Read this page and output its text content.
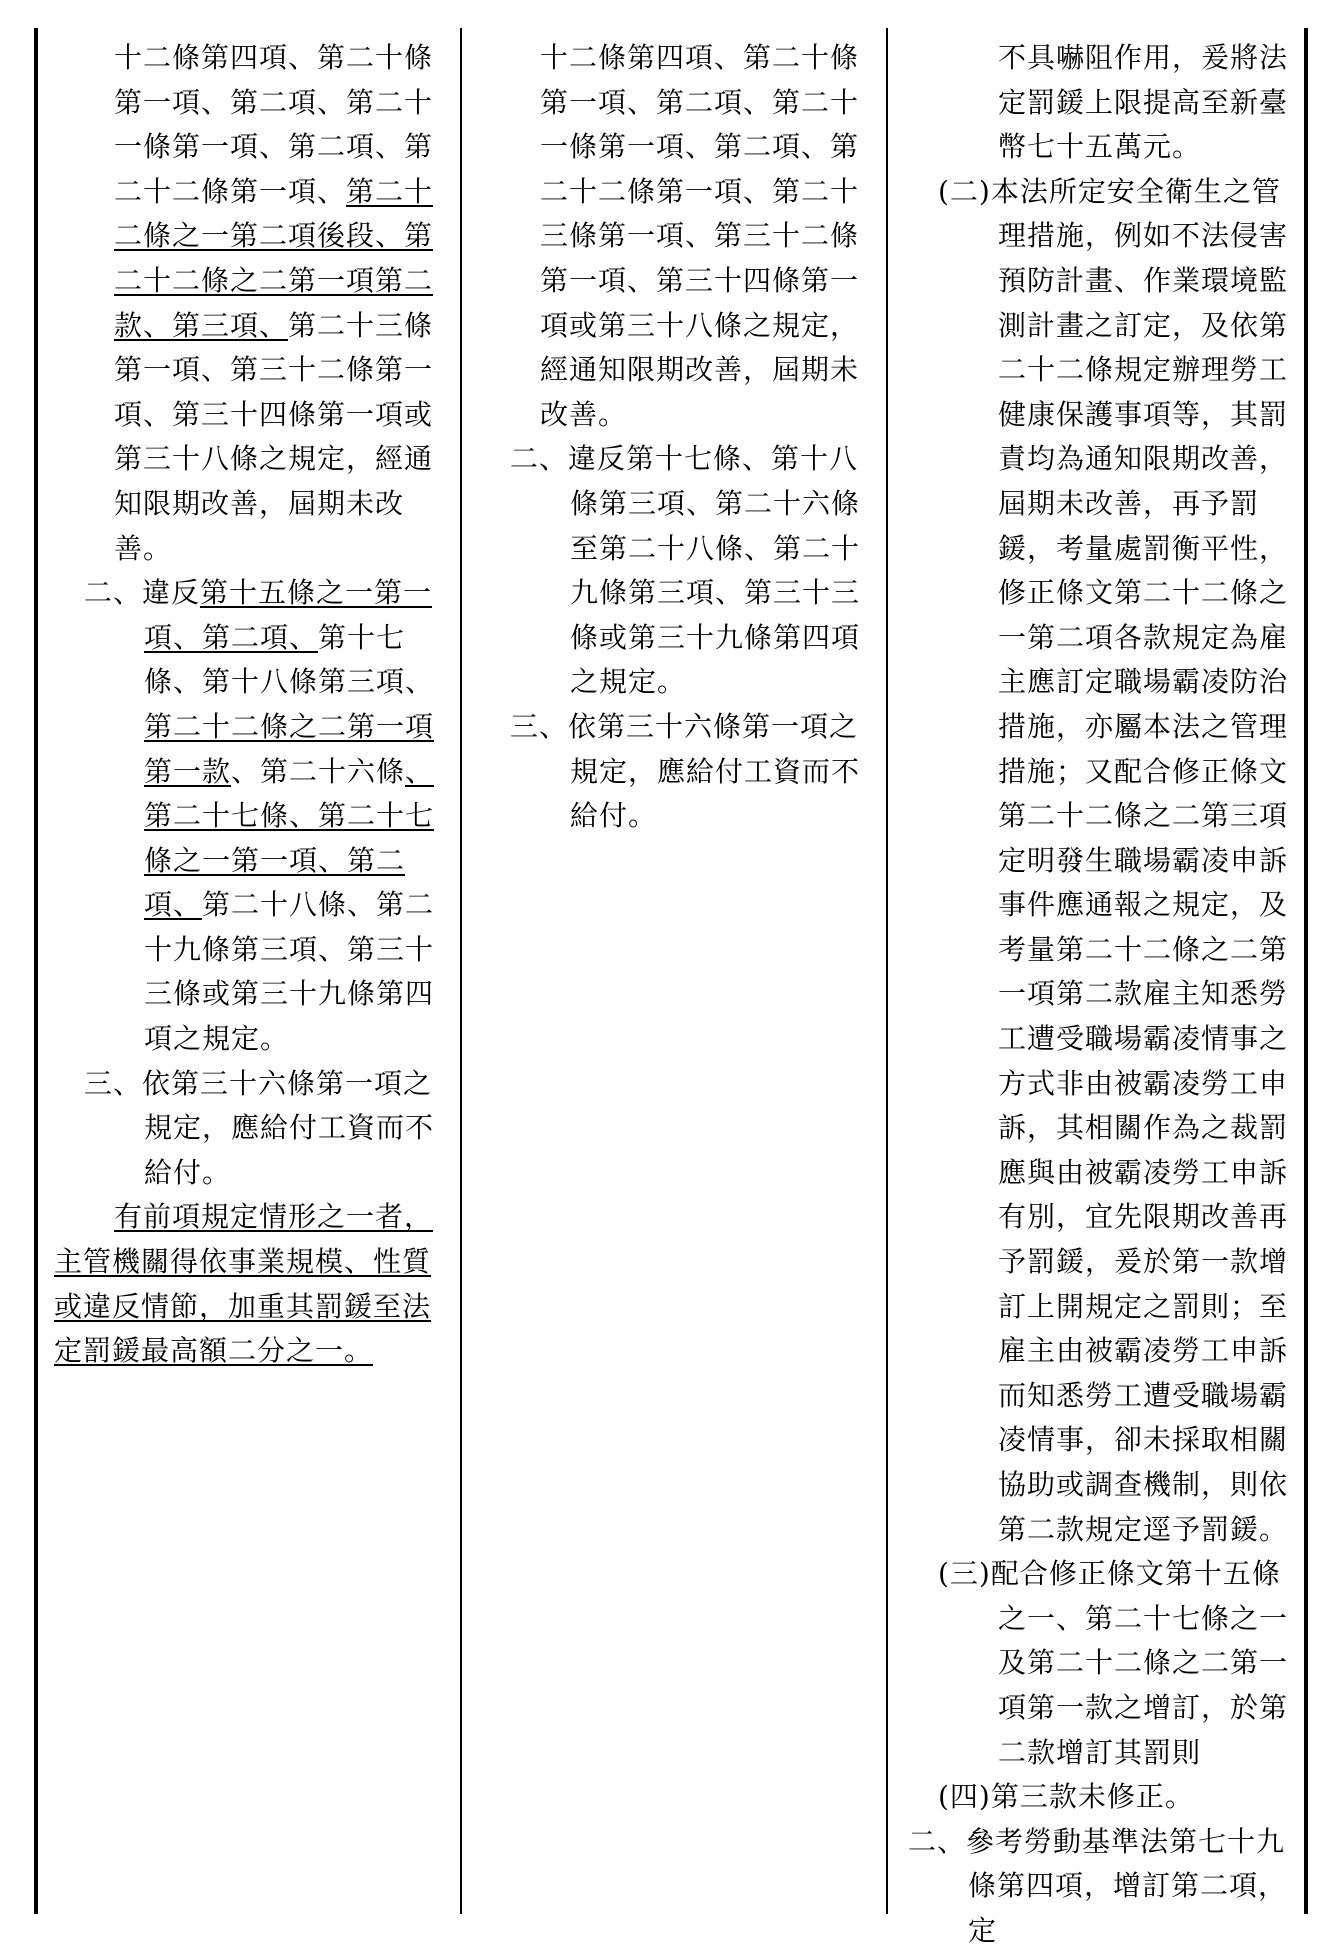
十二條第四項、第二十條第一項、第二項、第二十一條第一項、第二項、第二十二條第一項、第二十二條之一第二項後段、第二十二條之二第一項第二款、第三項、第二十三條第一項、第三十二條第一項、第三十四條第一項或第三十八條之規定，經通知限期改善，屆期未改善。

二、違反第十五條之一第一項、第二項、第十七條、第十八條第三項、第二十二條之二第一項第一款、第二十六條、第二十七條、第二十七條之一第一項、第二項、第二十八條、第二十九條第三項、第三十三條或第三十九條第四項之規定。

三、依第三十六條第一項之規定，應給付工資而不給付。

有前項規定情形之一者，主管機關得依事業規模、性質或違反情節，加重其罰鍰至法定罰鍰最高額二分之一。

十二條第四項、第二十條第一項、第二項、第二十一條第一項、第二項、第二十二條第一項、第二十三條第一項、第三十二條第一項、第三十四條第一項或第三十八條之規定，經通知限期改善，屆期未改善。

二、違反第十七條、第十八條第三項、第二十六條至第二十八條、第二十九條第三項、第三十三條或第三十九條第四項之規定。

三、依第三十六條第一項之規定，應給付工資而不給付。

不具嚇阻作用，爰將法定罰鍰上限提高至新臺幣七十五萬元。

(二)本法所定安全衛生之管理措施，例如不法侵害預防計畫、作業環境監測計畫之訂定，及依第二十二條規定辦理勞工健康保護事項等，其罰責均為通知限期改善，屆期未改善，再予罰鍰，考量處罰衡平性，修正條文第二十二條之一第二項各款規定為雇主應訂定職場霸凌防治措施，亦屬本法之管理措施；又配合修正條文第二十二條之二第三項定明發生職場霸凌申訴事件應通報之規定，及考量第二十二條之二第一項第二款雇主知悉勞工遭受職場霸凌情事之方式非由被霸凌勞工申訴，其相關作為之裁罰應與由被霸凌勞工申訴有別，宜先限期改善再予罰鍰，爰於第一款增訂上開規定之罰則；至雇主由被霸凌勞工申訴而知悉勞工遭受職場霸凌情事，卻未採取相關協助或調查機制，則依第二款規定逕予罰鍰。

(三)配合修正條文第十五條之一、第二十七條之一及第二十二條之二第一項第一款之增訂，於第二款增訂其罰則

(四)第三款未修正。

二、參考勞動基準法第七十九條第四項，增訂第二項，定
